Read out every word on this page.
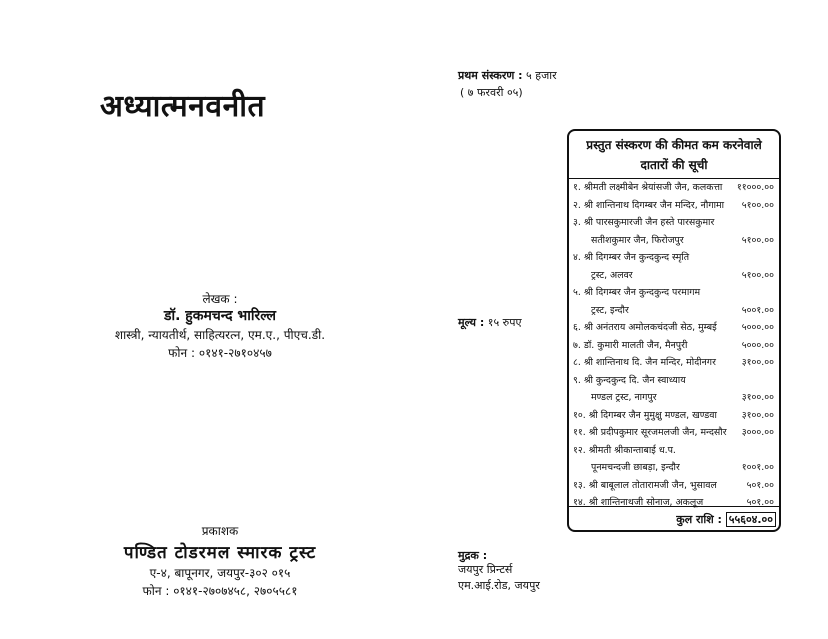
अध्यात्मनवनीत
लेखक :
डॉ. हुकमचन्द भारिल्ल
शास्त्री, न्यायतीर्थ, साहित्यरत्न, एम.ए., पीएच.डी.
फोन : ०१४१-२७१०४५७
प्रकाशक
पण्डित टोडरमल स्मारक ट्रस्ट
ए-४, बापूनगर, जयपुर-३०२ ०१५
फोन : ०१४१-२७०७४५८, २७०५५८१
प्रथम संस्करण : ५ हजार
( ७ फरवरी ०५)
मूल्य : १५ रुपए
मुद्रक :
जयपुर प्रिन्टर्स
एम.आई.रोड, जयपुर
प्रस्तुत संस्करण की कीमत कम करनेवाले
दातारों की सूची
१. श्रीमती लक्ष्मीबेन श्रेयांसजी जैन, कलकत्ता ११०००.००
२. श्री शान्तिनाथ दिगम्बर जैन मन्दिर, नौगामा ५१००.००
३. श्री पारसकुमारजी जैन हस्ते पारसकुमार
सतीशकुमार जैन, फिरोजपुर	५१००.००
४. श्री दिगम्बर जैन कुन्दकुन्द स्मृति
ट्रस्ट, अलवर	५१००.००
५. श्री दिगम्बर जैन कुन्दकुन्द परमागम
ट्रस्ट, इन्दौर	५००१.००
६. श्री अनंतराय अमोलकचंदजी सेठ, मुम्बई	५०००.००
७. डॉ. कुमारी मालती जैन, मैनपुरी	५०००.००
८. श्री शान्तिनाथ दि. जैन मन्दिर, मोदीनगर	३१००.००
९. श्री कुन्दकुन्द दि. जैन स्वाध्याय
मण्डल ट्रस्ट, नागपुर	३१००.००
१०. श्री दिगम्बर जैन मुमुक्षु मण्डल, खण्डवा	३१००.००
११. श्री प्रदीपकुमार सूरजमलजी जैन, मन्दसौर ३०००.००
१२. श्रीमती श्रीकान्ताबाई ध.प.
पूनमचन्दजी छाबड़ा, इन्दौर	१००१.००
१३. श्री बाबूलाल तोतारामजी जैन, भुसावल	५०१.००
१४. श्री शान्तिनाथजी सोनाज, अकलूज	५०१.००
कुल राशि : ५५६०४.००
